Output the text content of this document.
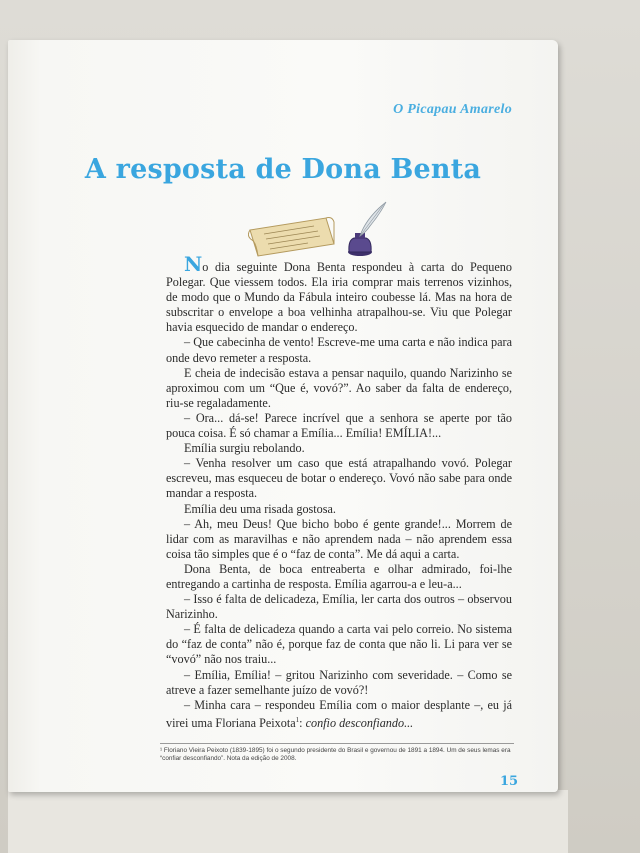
O Picapau Amarelo
A resposta de Dona Benta

No dia seguinte Dona Benta respondeu à carta do Pequeno Polegar. Que viessem todos. Ela iria comprar mais terrenos vizinhos, de modo que o Mundo da Fábula inteiro coubesse lá. Mas na hora de subscritar o envelope a boa velhinha atrapalhou-se. Viu que Polegar havia esquecido de mandar o endereço.

– Que cabecinha de vento! Escreve-me uma carta e não indica para onde devo remeter a resposta.

E cheia de indecisão estava a pensar naquilo, quando Narizinho se aproximou com um “Que é, vovó?”. Ao saber da falta de endereço, riu-se regaladamente.

– Ora... dá-se! Parece incrível que a senhora se aperte por tão pouca coisa. É só chamar a Emília... Emília! EMÍLIA!...

Emília surgiu rebolando.

– Venha resolver um caso que está atrapalhando vovó. Polegar escreveu, mas esqueceu de botar o endereço. Vovó não sabe para onde mandar a resposta.

Emília deu uma risada gostosa.

– Ah, meu Deus! Que bicho bobo é gente grande!... Morrem de lidar com as maravilhas e não aprendem nada – não aprendem essa coisa tão simples que é o “faz de conta”. Me dá aqui a carta.

Dona Benta, de boca entreaberta e olhar admirado, foi-lhe entregando a cartinha de resposta. Emília agarrou-a e leu-a...

– Isso é falta de delicadeza, Emília, ler carta dos outros – observou Narizinho.

– É falta de delicadeza quando a carta vai pelo correio. No sistema do “faz de conta” não é, porque faz de conta que não li. Li para ver se “vovó” não nos traiu...

– Emília, Emília! – gritou Narizinho com severidade. – Como se atreve a fazer semelhante juízo de vovó?!

– Minha cara – respondeu Emília com o maior desplante –, eu já virei uma Floriana Peixota$^1$: confio desconfiando...

¹ Floriano Vieira Peixoto (1839-1895) foi o segundo presidente do Brasil e governou de 1891 a 1894. Um de seus lemas era “confiar desconfiando”. Nota da edição de 2008.
15
